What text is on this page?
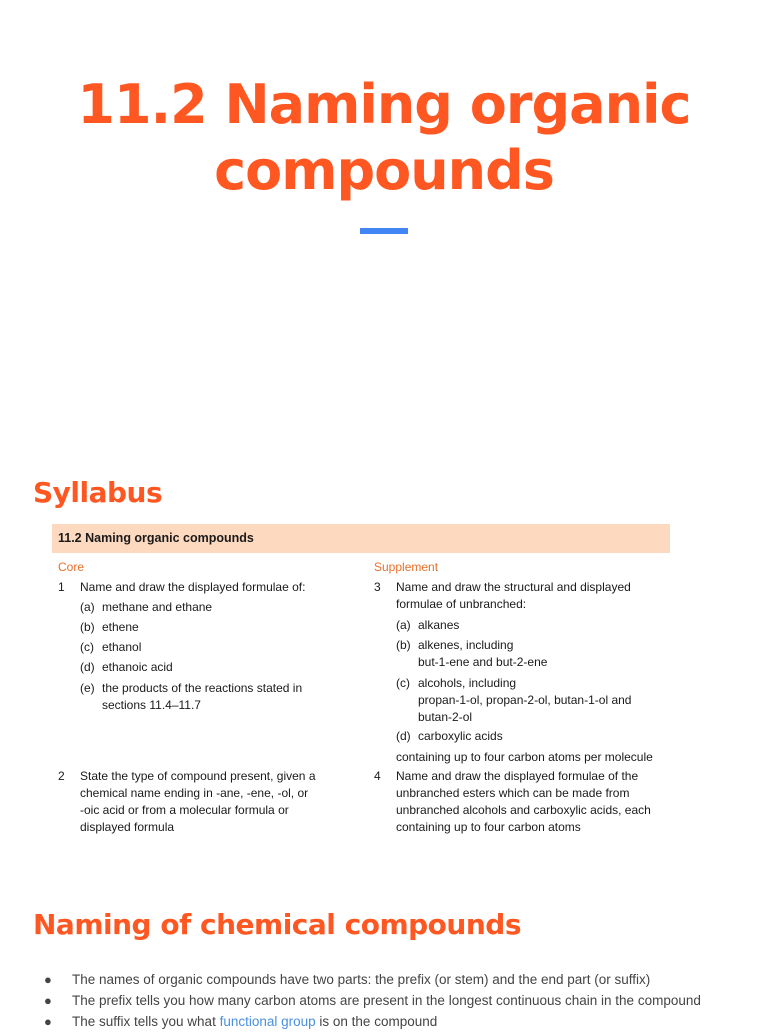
11.2 Naming organic
compounds
Syllabus
11.2 Naming organic compounds
Core
1 Name and draw the displayed formulae of:
(a) methane and ethane
(b) ethene
(c) ethanol
(d) ethanoic acid
(e) the products of the reactions stated in
sections 11.4–11.7
2 State the type of compound present, given a
chemical name ending in -ane, -ene, -ol, or
-oic acid or from a molecular formula or
displayed formula
Supplement
3 Name and draw the structural and displayed
formulae of unbranched:
(a) alkanes
(b) alkenes, including
but-1-ene and but-2-ene
(c) alcohols, including
propan-1-ol, propan-2-ol, butan-1-ol and
butan-2-ol
(d) carboxylic acids
containing up to four carbon atoms per molecule
4 Name and draw the displayed formulae of the
unbranched esters which can be made from
unbranched alcohols and carboxylic acids, each
containing up to four carbon atoms
Naming of chemical compounds
● The names of organic compounds have two parts: the prefix (or stem) and the end part (or suffix)
● The prefix tells you how many carbon atoms are present in the longest continuous chain in the compound
● The suffix tells you what functional group is on the compound
